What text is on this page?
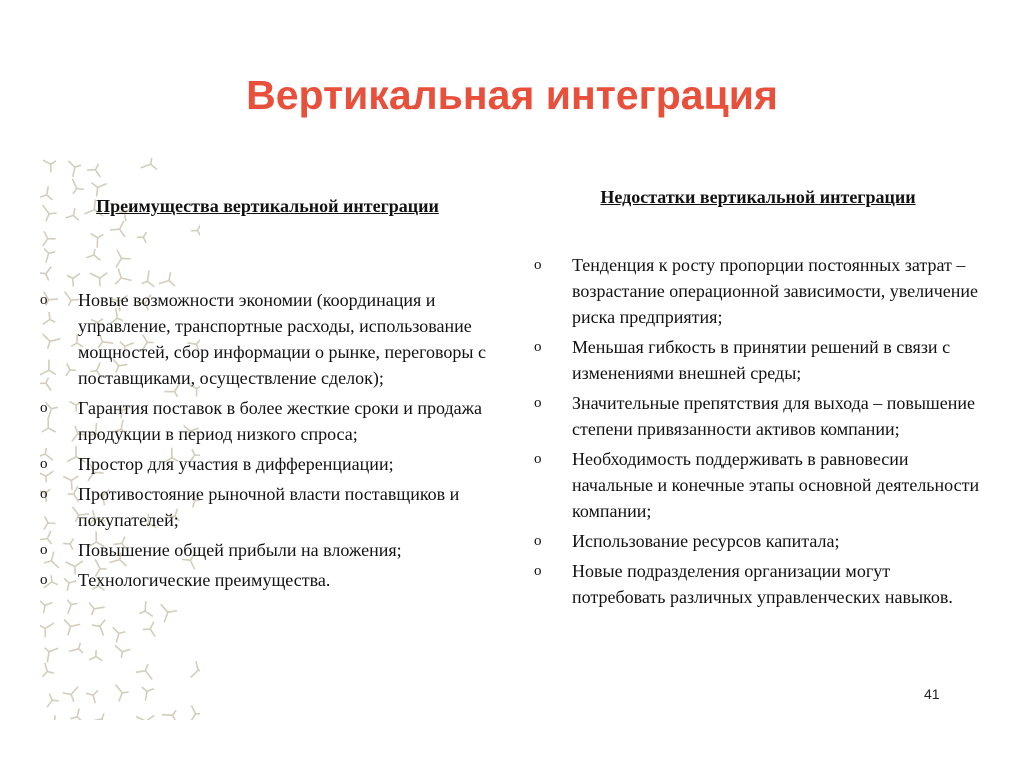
Вертикальная интеграция
Преимущества вертикальной интеграции
o Новые возможности экономии (координация и управление, транспортные расходы, использование мощностей, сбор информации о рынке, переговоры с поставщиками, осуществление сделок);
o Гарантия поставок в более жесткие сроки и продажа продукции в период низкого спроса;
o Простор для участия в дифференциации;
o Противостояние рыночной власти поставщиков и покупателей;
o Повышение общей прибыли на вложения;
o Технологические преимущества.
Недостатки вертикальной интеграции
o Тенденция к росту пропорции постоянных затрат – возрастание операционной зависимости, увеличение риска предприятия;
o Меньшая гибкость в принятии решений в связи с изменениями внешней среды;
o Значительные препятствия для выхода – повышение степени привязанности активов компании;
o Необходимость поддерживать в равновесии начальные и конечные этапы основной деятельности компании;
o Использование ресурсов капитала;
o Новые подразделения организации могут потребовать различных управленческих навыков.
41
